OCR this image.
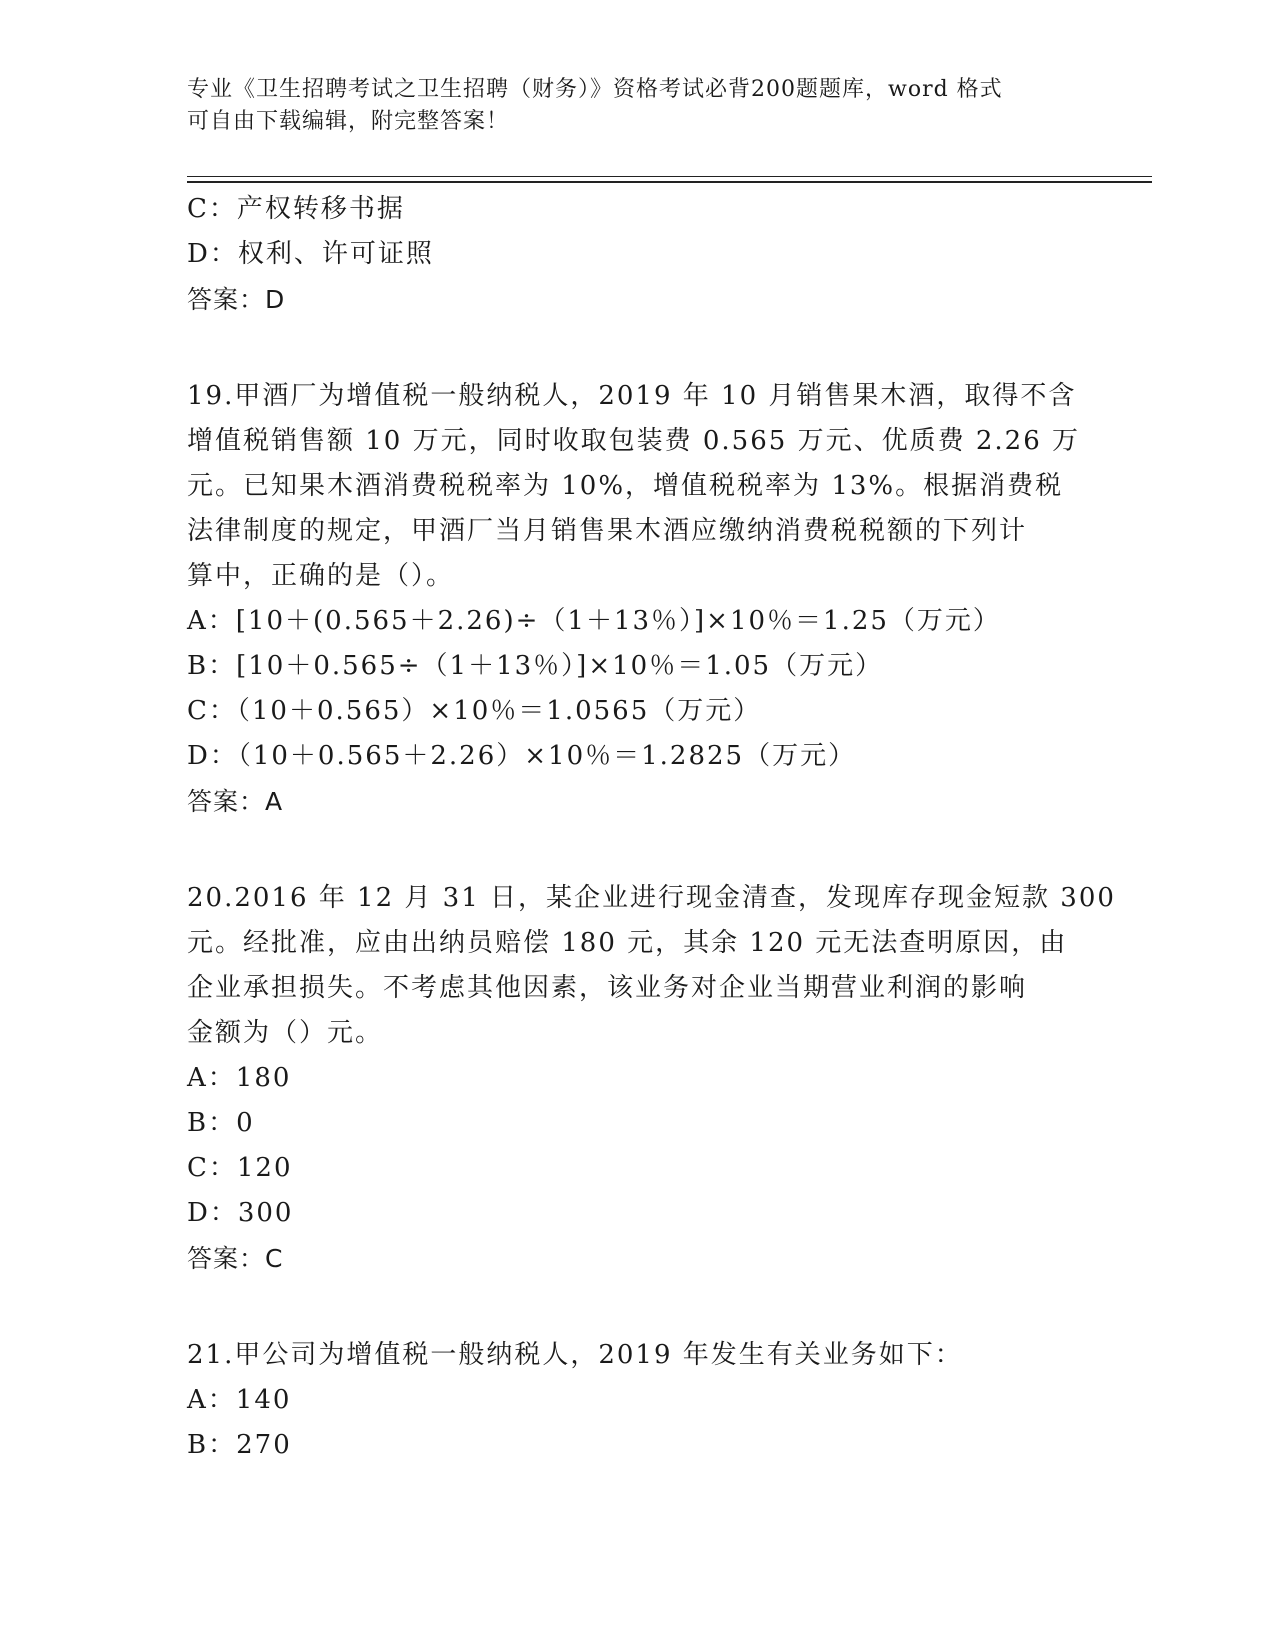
专业《卫生招聘考试之卫生招聘（财务）》资格考试必背200题题库，word 格式
可自由下载编辑，附完整答案！
C：产权转移书据
D：权利、许可证照
答案：D
19.甲酒厂为增值税一般纳税人，2019 年 10 月销售果木酒，取得不含
增值税销售额 10 万元，同时收取包装费 0.565 万元、优质费 2.26 万
元。已知果木酒消费税税率为 10%，增值税税率为 13%。根据消费税
法律制度的规定，甲酒厂当月销售果木酒应缴纳消费税税额的下列计
算中，正确的是（）。
A：[10＋(0.565＋2.26)÷（1＋13％）]×10％＝1.25（万元）
B：[10＋0.565÷（1＋13％）]×10％＝1.05（万元）
C：（10＋0.565）×10％＝1.0565（万元）
D：（10＋0.565＋2.26）×10％＝1.2825（万元）
答案：A
20.2016 年 12 月 31 日，某企业进行现金清查，发现库存现金短款 300
元。经批准，应由出纳员赔偿 180 元，其余 120 元无法查明原因，由
企业承担损失。不考虑其他因素，该业务对企业当期营业利润的影响
金额为（）元。
A：180
B：0
C：120
D：300
答案：C
21.甲公司为增值税一般纳税人，2019 年发生有关业务如下：
A：140
B：270
